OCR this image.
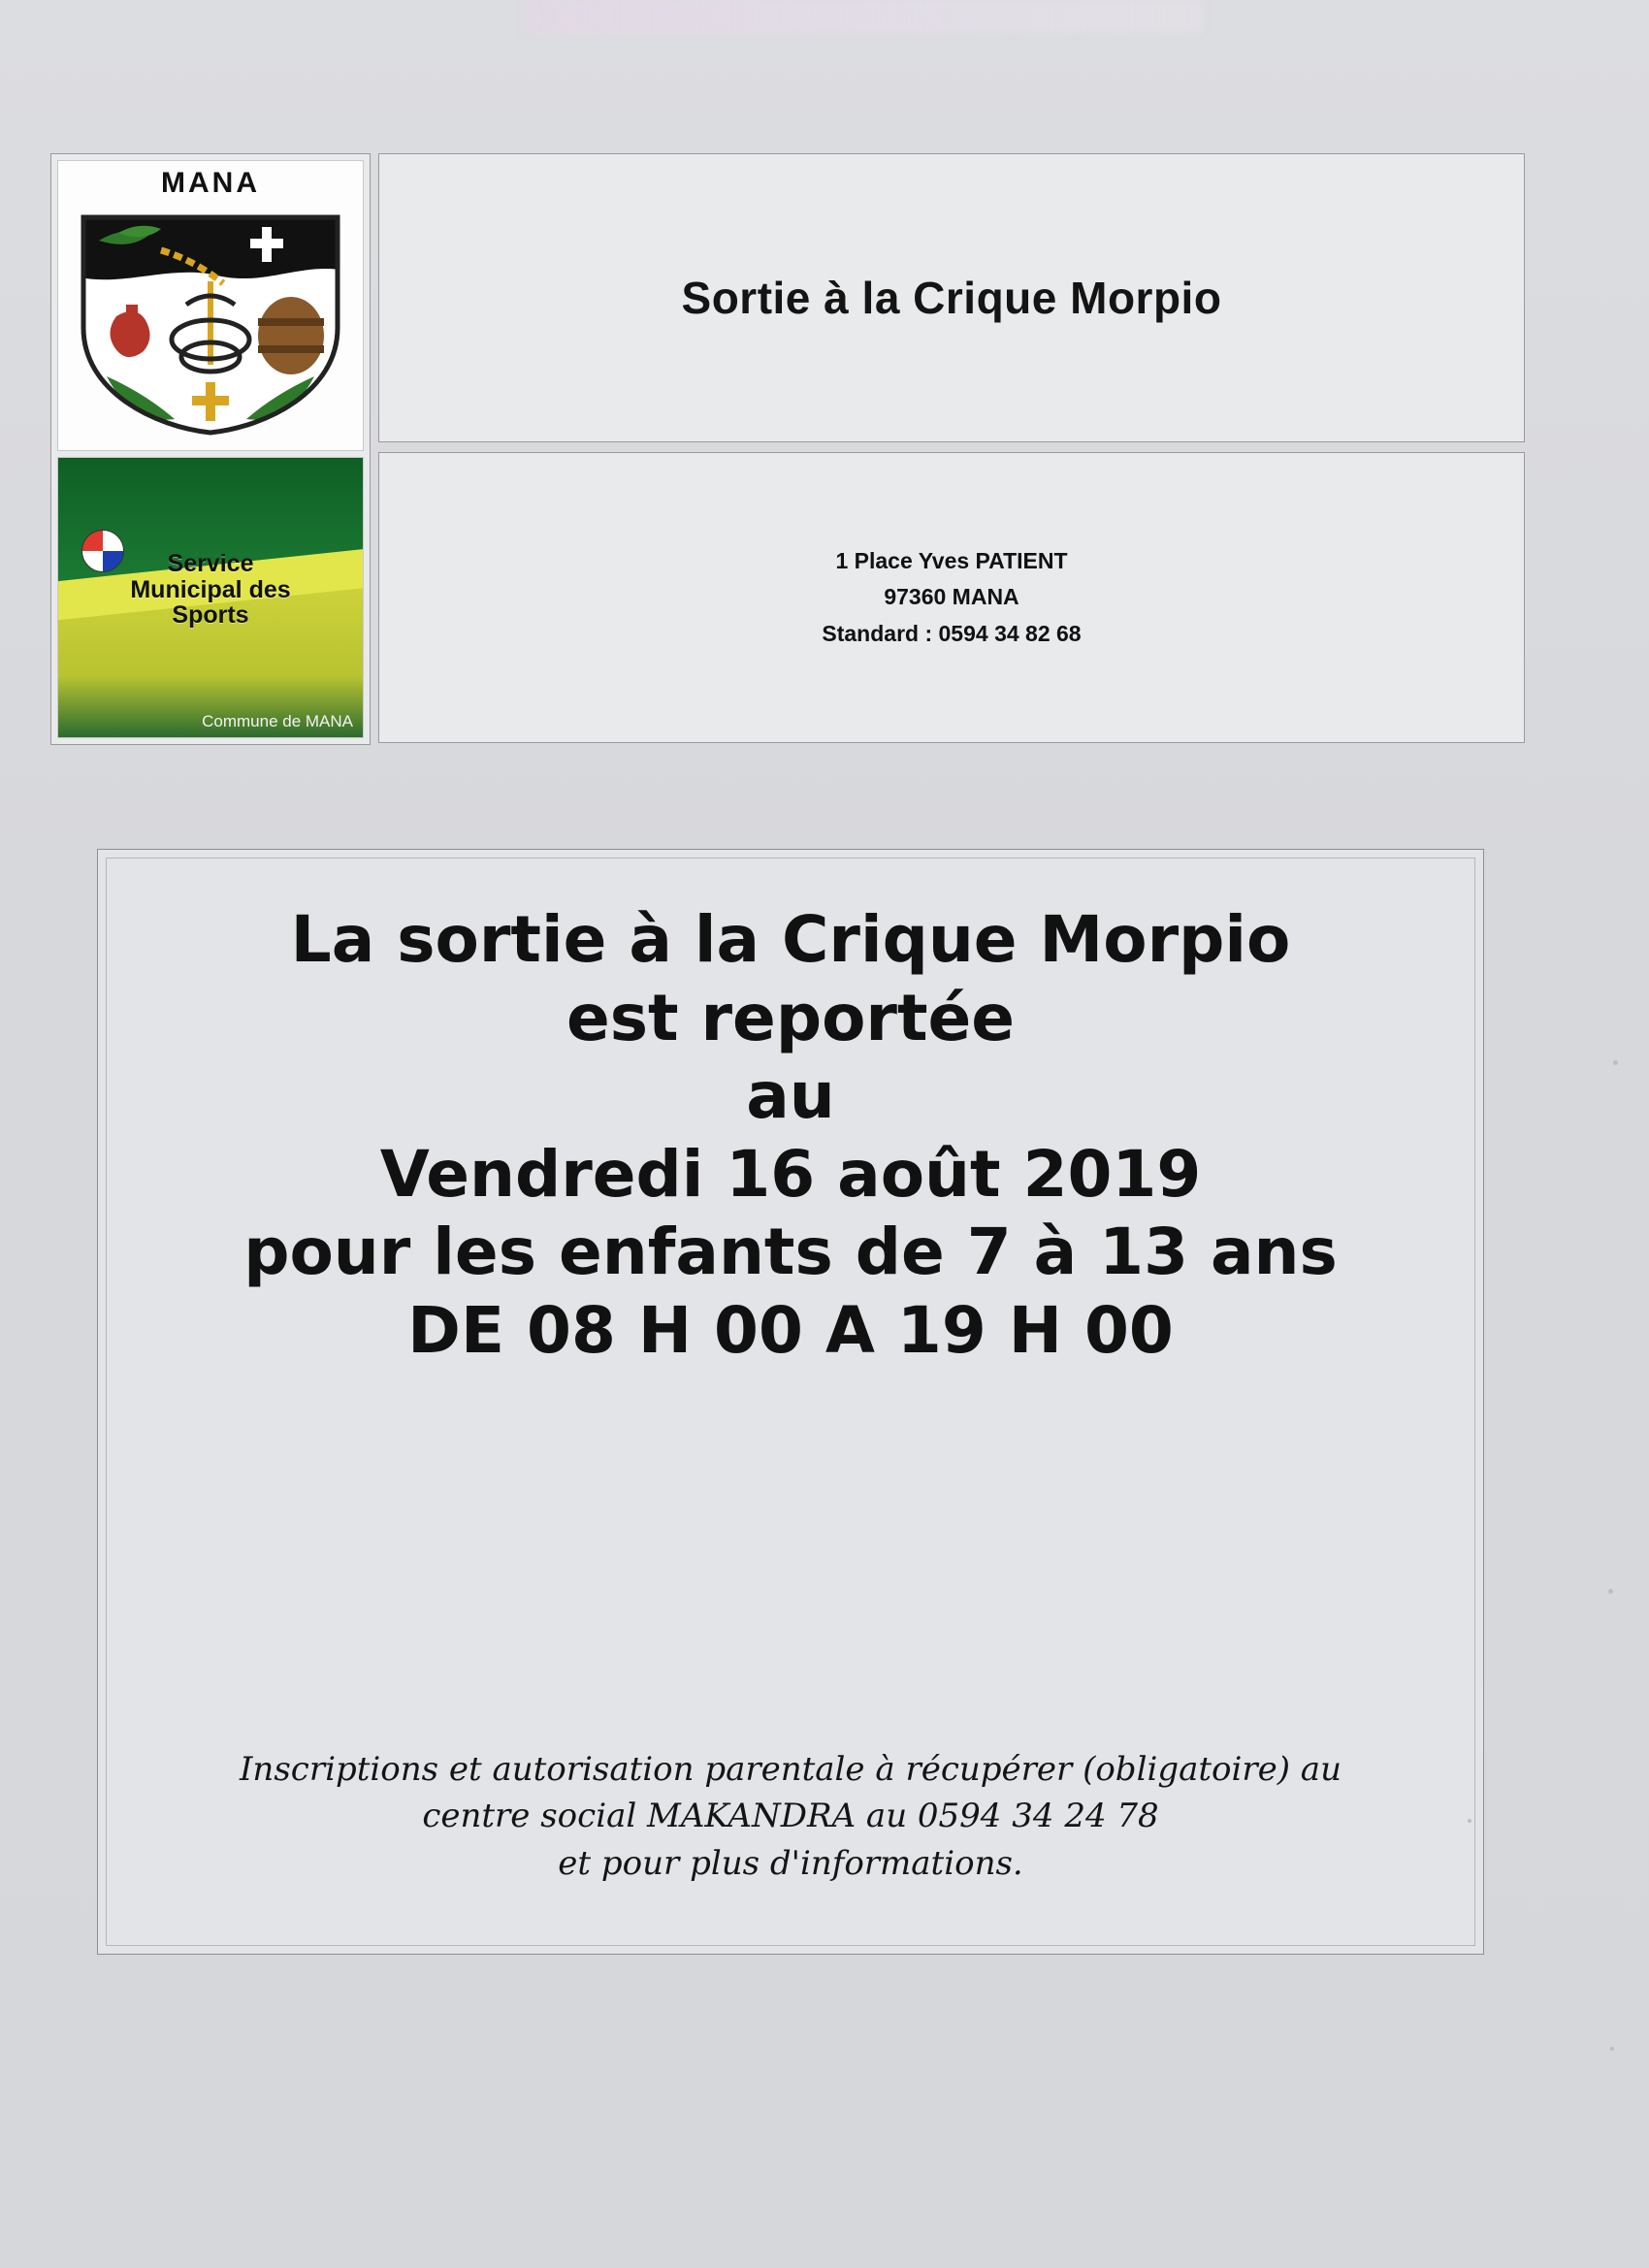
MANA
Service
Municipal des
Sports
Commune de MANA
Sortie à la Crique Morpio
1 Place Yves PATIENT
97360 MANA
Standard : 0594 34 82 68
La sortie à la Crique Morpio
est reportée
au
Vendredi 16 août 2019
pour les enfants de 7 à 13 ans
DE 08 H 00 A 19 H 00
Inscriptions et autorisation parentale à récupérer (obligatoire) au
centre social MAKANDRA au 0594 34 24 78
et pour plus d'informations.
